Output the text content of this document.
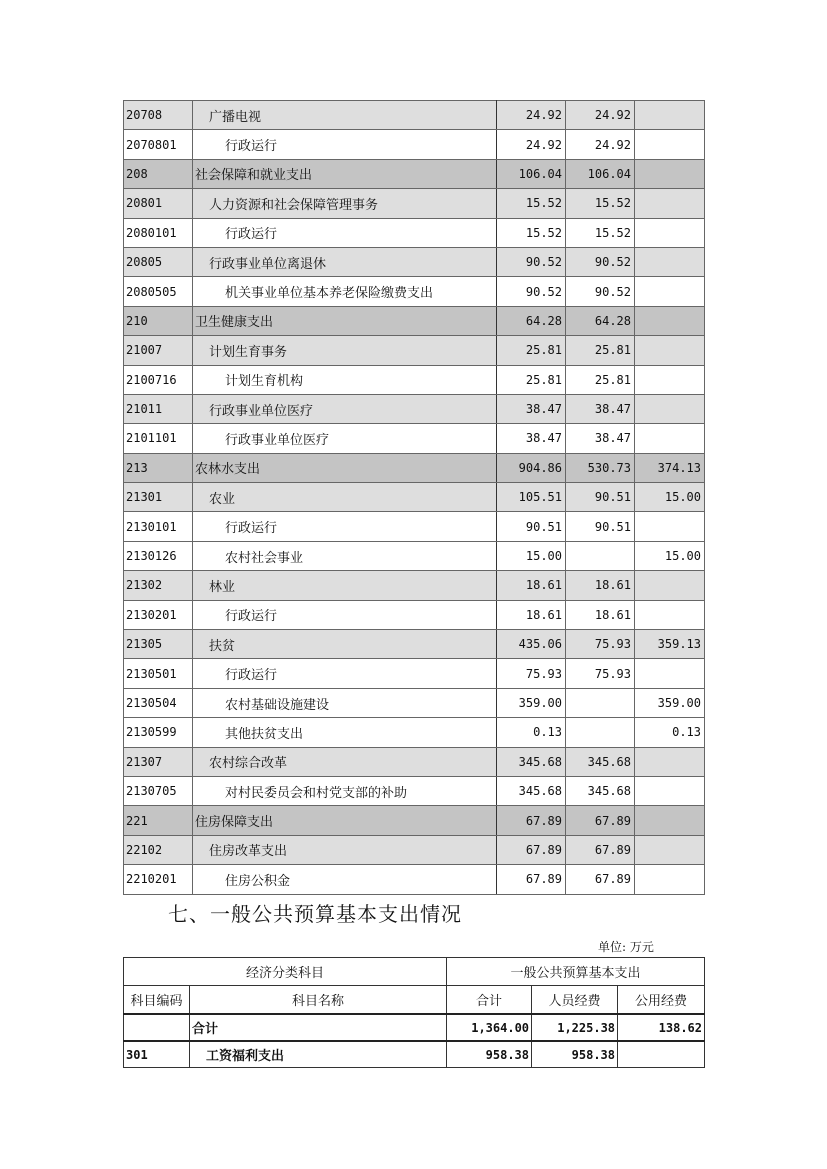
20708	广播电视	24.92	24.92	
2070801	行政运行	24.92	24.92	
208	社会保障和就业支出	106.04	106.04	
20801	人力资源和社会保障管理事务	15.52	15.52	
2080101	行政运行	15.52	15.52	
20805	行政事业单位离退休	90.52	90.52	
2080505	机关事业单位基本养老保险缴费支出	90.52	90.52	
210	卫生健康支出	64.28	64.28	
21007	计划生育事务	25.81	25.81	
2100716	计划生育机构	25.81	25.81	
21011	行政事业单位医疗	38.47	38.47	
2101101	行政事业单位医疗	38.47	38.47	
213	农林水支出	904.86	530.73	374.13
21301	农业	105.51	90.51	15.00
2130101	行政运行	90.51	90.51	
2130126	农村社会事业	15.00		15.00
21302	林业	18.61	18.61	
2130201	行政运行	18.61	18.61	
21305	扶贫	435.06	75.93	359.13
2130501	行政运行	75.93	75.93	
2130504	农村基础设施建设	359.00		359.00
2130599	其他扶贫支出	0.13		0.13
21307	农村综合改革	345.68	345.68	
2130705	对村民委员会和村党支部的补助	345.68	345.68	
221	住房保障支出	67.89	67.89	
22102	住房改革支出	67.89	67.89	
2210201	住房公积金	67.89	67.89	
七、一般公共预算基本支出情况
单位: 万元
经济分类科目		一般公共预算基本支出		
科目编码	科目名称	合计	人员经费	公用经费
	合计	1,364.00	1,225.38	138.62
301	工资福利支出	958.38	958.38	
